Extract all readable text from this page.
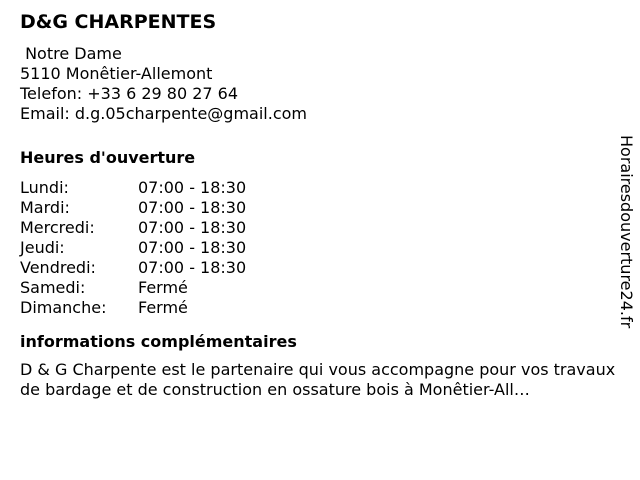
D&G CHARPENTES
Notre Dame
5110 Monêtier-Allemont
Telefon: +33 6 29 80 27 64
Email: d.g.05charpente@gmail.com
Heures d'ouverture
Lundi:	07:00 - 18:30
Mardi:	07:00 - 18:30
Mercredi:	07:00 - 18:30
Jeudi:	07:00 - 18:30
Vendredi:	07:00 - 18:30
Samedi:	Fermé
Dimanche:	Fermé
informations complémentaires
D & G Charpente est le partenaire qui vous accompagne pour vos travaux de bardage et de construction en ossature bois à Monêtier-All…
Horairesdouverture24.fr
